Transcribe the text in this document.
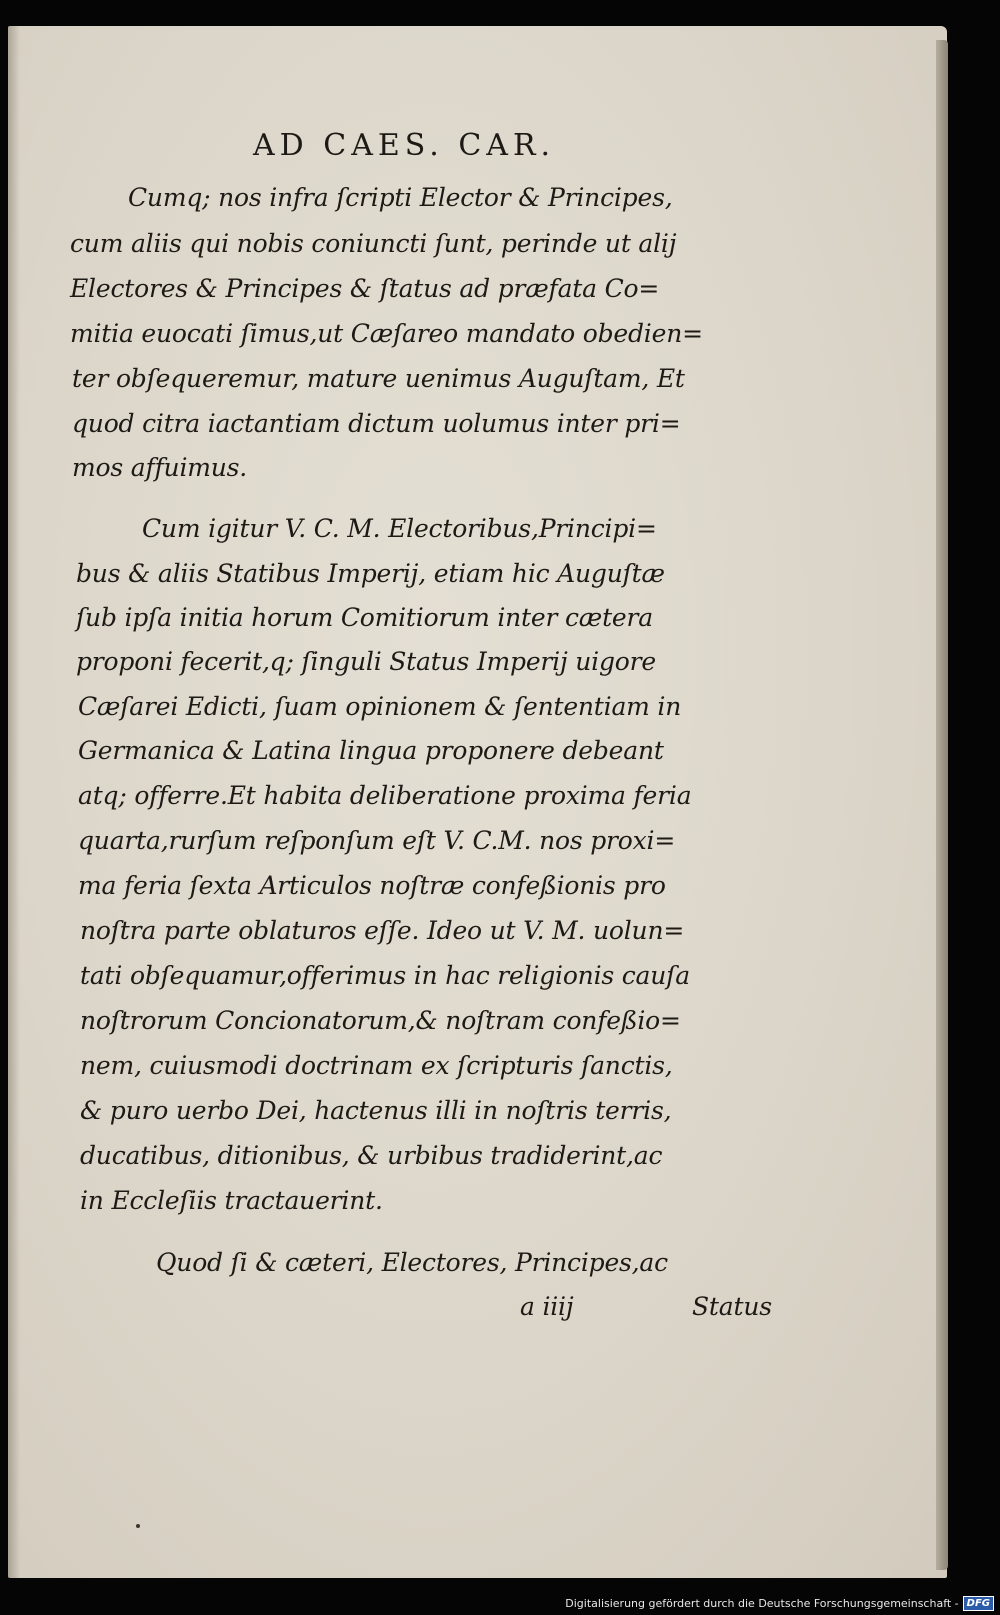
AD CAES. CAR.
Cumq; nos infra ſcripti Elector & Principes,
cum aliis qui nobis coniuncti ſunt, perinde ut alij
Electores & Principes & ſtatus ad præfata Co=
mitia euocati ſimus,ut Cæſareo mandato obedien=
ter obſequeremur, mature uenimus Auguſtam, Et
quod citra iactantiam dictum uolumus inter pri=
mos affuimus.
Cum igitur V. C. M. Electoribus,Principi=
bus & aliis Statibus Imperij, etiam hic Auguſtæ
ſub ipſa initia horum Comitiorum inter cætera
proponi fecerit,q; ſinguli Status Imperij uigore
Cæſarei Edicti, ſuam opinionem & ſententiam in
Germanica & Latina lingua proponere debeant
atq; offerre.Et habita deliberatione proxima feria
quarta,rurſum reſponſum eſt V. C.M. nos proxi=
ma feria ſexta Articulos noſtræ confeßionis pro
noſtra parte oblaturos eſſe. Ideo ut V. M. uolun=
tati obſequamur,offerimus in hac religionis cauſa
noſtrorum Concionatorum,& noſtram confeßio=
nem, cuiusmodi doctrinam ex ſcripturis ſanctis,
& puro uerbo Dei, hactenus illi in noſtris terris,
ducatibus, ditionibus, & urbibus tradiderint,ac
in Eccleſiis tractauerint.
Quod ſi & cæteri, Electores, Principes,ac
a iiij	Status
Digitalisierung gefördert durch die Deutsche Forschungsgemeinschaft - DFG
